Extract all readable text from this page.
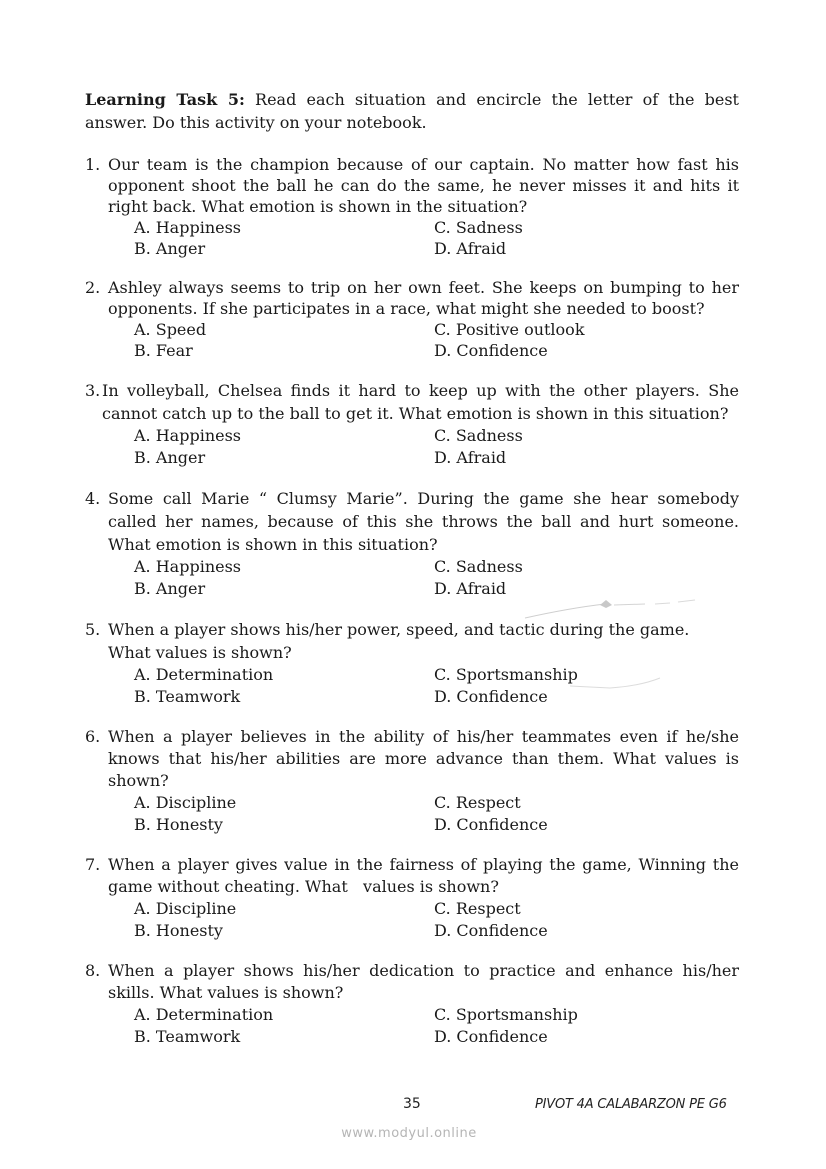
Learning Task 5: Read each situation and encircle the letter of the best answer. Do this activity on your notebook.

1. Our team is the champion because of our captain. No matter how fast his opponent shoot the ball he can do the same, he never misses it and hits it right back. What emotion is shown in the situation?
A. Happiness	C. Sadness
B. Anger	D. Afraid
2. Ashley always seems to trip on her own feet. She keeps on bumping to her opponents. If she participates in a race, what might she needed to boost?
A. Speed	C. Positive outlook
B. Fear	D. Confidence
3. In volleyball, Chelsea finds it hard to keep up with the other players. She cannot catch up to the ball to get it. What emotion is shown in this situation?
A. Happiness	C. Sadness
B. Anger	D. Afraid
4. Some call Marie “ Clumsy Marie”. During the game she hear somebody called her names, because of this she throws the ball and hurt someone. What emotion is shown in this situation?
A. Happiness	C. Sadness
B. Anger	D. Afraid
5. When a player shows his/her power, speed, and tactic during the game. What values is shown?
A. Determination	C. Sportsmanship
B. Teamwork	D. Confidence
6. When a player believes in the ability of his/her teammates even if he/she knows that his/her abilities are more advance than them. What values is shown?
A. Discipline	C. Respect
B. Honesty	D. Confidence
7. When a player gives value in the fairness of playing the game, Winning the game without cheating. What   values is shown?
A. Discipline	C. Respect
B. Honesty	D. Confidence
8. When a player shows his/her dedication to practice and enhance his/her skills. What values is shown?
A. Determination	C. Sportsmanship
B. Teamwork	D. Confidence
35	PIVOT 4A CALABARZON PE G6
www.modyul.online
